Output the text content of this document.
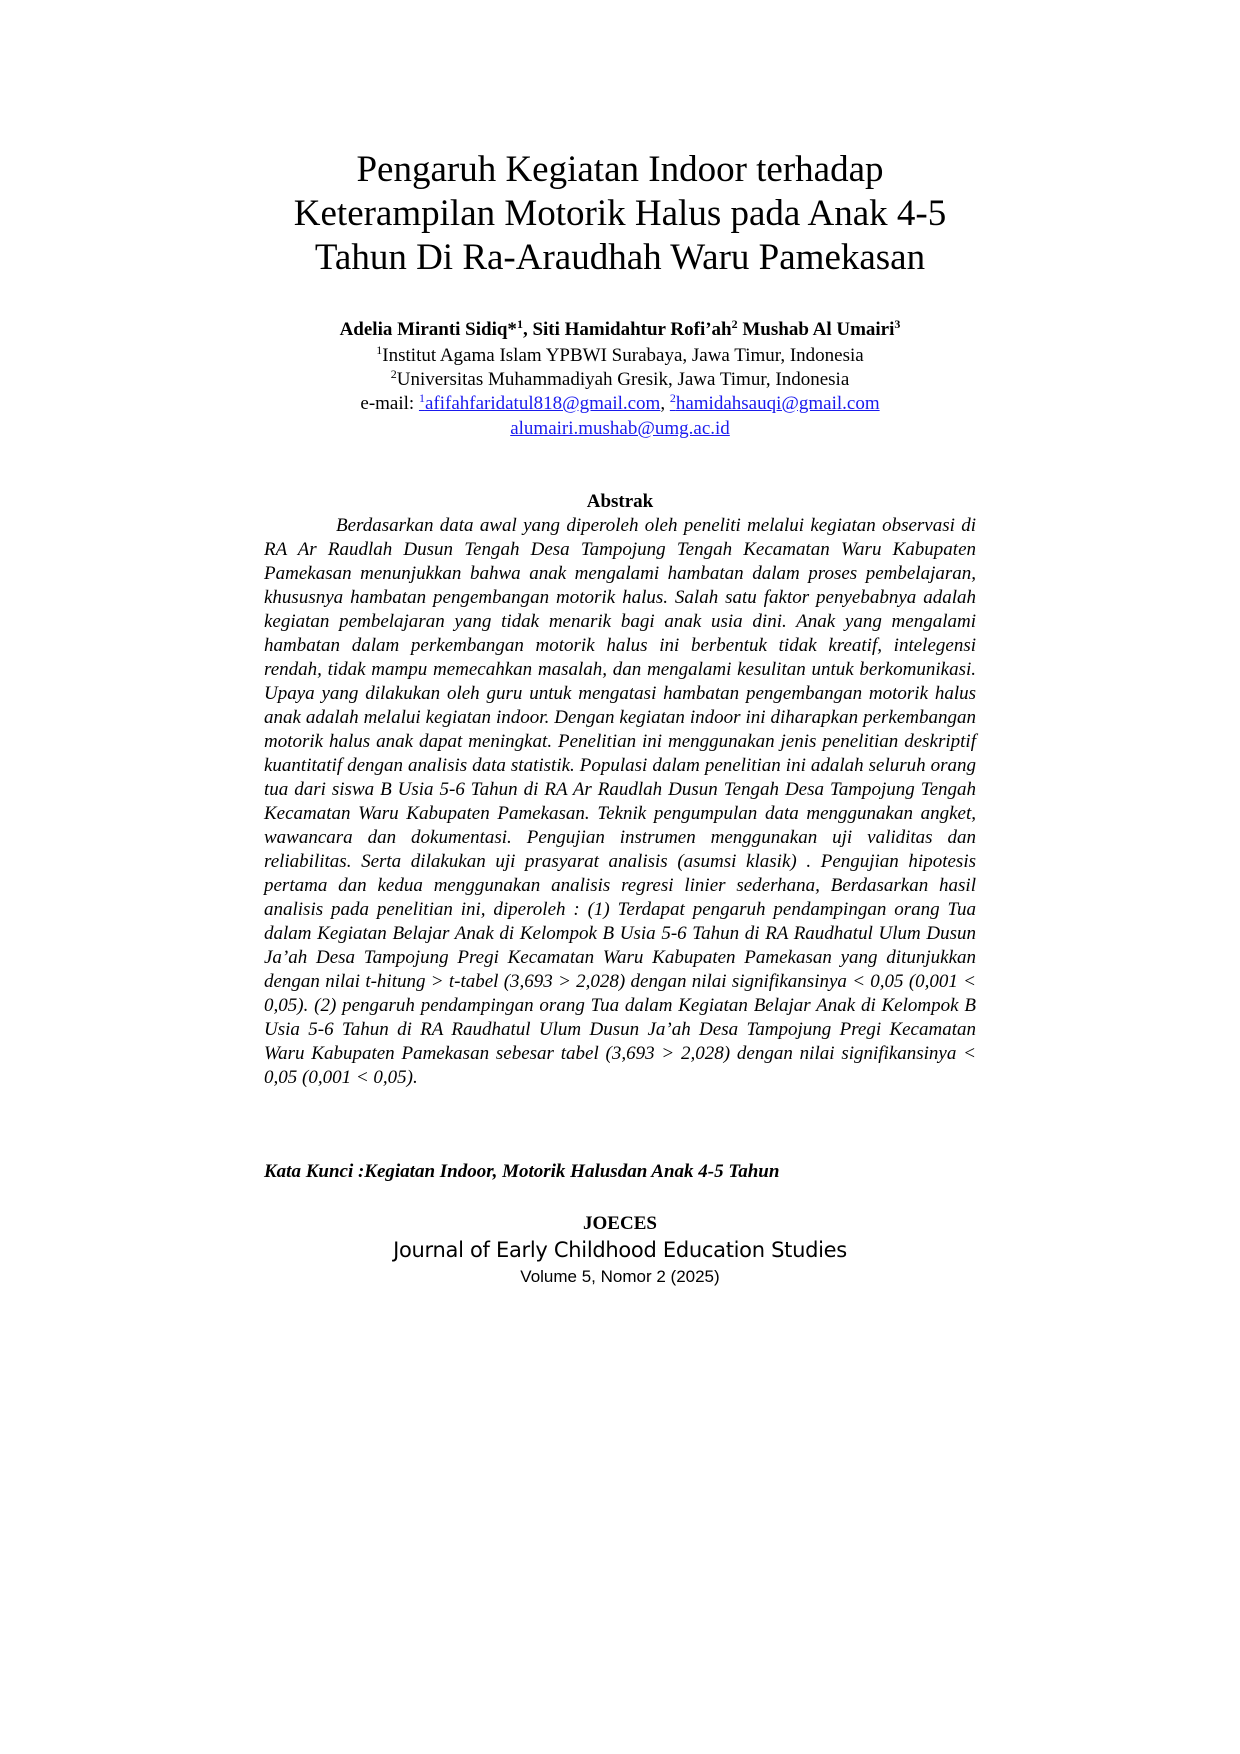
Pengaruh Kegiatan Indoor terhadap
Keterampilan Motorik Halus pada Anak 4-5
Tahun Di Ra-Araudhah Waru Pamekasan
Adelia Miranti Sidiq*$^1$, Siti Hamidahtur $Rofi’ah^2$ Mushab Al Umairi$^3$
$^1$Institut Agama Islam YPBWI Surabaya, Jawa Timur, Indonesia
$^2$Universitas Muhammadiyah Gresik, Jawa Timur, Indonesia
e-mail: $^1$afifahfaridatul818@gmail.com, $^2$hamidahsauqi@gmail.com
alumairi.mushab@umg.ac.id
Abstrak

Berdasarkan data awal yang diperoleh oleh peneliti melalui kegiatan observasi di RA Ar Raudlah Dusun Tengah Desa Tampojung Tengah Kecamatan Waru Kabupaten Pamekasan menunjukkan bahwa anak mengalami hambatan dalam proses pembelajaran, khususnya hambatan pengembangan motorik halus. Salah satu faktor penyebabnya adalah kegiatan pembelajaran yang tidak menarik bagi anak usia dini. Anak yang mengalami hambatan dalam perkembangan motorik halus ini berbentuk tidak kreatif, intelegensi rendah, tidak mampu memecahkan masalah, dan mengalami kesulitan untuk berkomunikasi. Upaya yang dilakukan oleh guru untuk mengatasi hambatan pengembangan motorik halus anak adalah melalui kegiatan indoor. Dengan kegiatan indoor ini diharapkan perkembangan motorik halus anak dapat meningkat. Penelitian ini menggunakan jenis penelitian deskriptif kuantitatif dengan analisis data statistik. Populasi dalam penelitian ini adalah seluruh orang tua dari siswa B Usia 5-6 Tahun di RA Ar Raudlah Dusun Tengah Desa Tampojung Tengah Kecamatan Waru Kabupaten Pamekasan. Teknik pengumpulan data menggunakan angket, wawancara dan dokumentasi. Pengujian instrumen menggunakan uji validitas dan reliabilitas. Serta dilakukan uji prasyarat analisis (asumsi klasik) . Pengujian hipotesis pertama dan kedua menggunakan analisis regresi linier sederhana, Berdasarkan hasil analisis pada penelitian ini, diperoleh : (1) Terdapat pengaruh pendampingan orang Tua dalam Kegiatan Belajar Anak di Kelompok B Usia 5-6 Tahun di RA Raudhatul Ulum Dusun Ja’ah Desa Tampojung Pregi Kecamatan Waru Kabupaten Pamekasan yang ditunjukkan dengan nilai t-hitung > t-tabel (3,693 > 2,028) dengan nilai signifikansinya < 0,05 (0,001 < 0,05). (2) pengaruh pendampingan orang Tua dalam Kegiatan Belajar Anak di Kelompok B Usia 5-6 Tahun di RA Raudhatul Ulum Dusun Ja’ah Desa Tampojung Pregi Kecamatan Waru Kabupaten Pamekasan sebesar tabel (3,693 > 2,028) dengan nilai signifikansinya < 0,05 (0,001 < 0,05).

Kata Kunci :Kegiatan Indoor, Motorik Halusdan Anak 4-5 Tahun
JOECES
Journal of Early Childhood Education Studies
Volume 5, Nomor 2 (2025)
